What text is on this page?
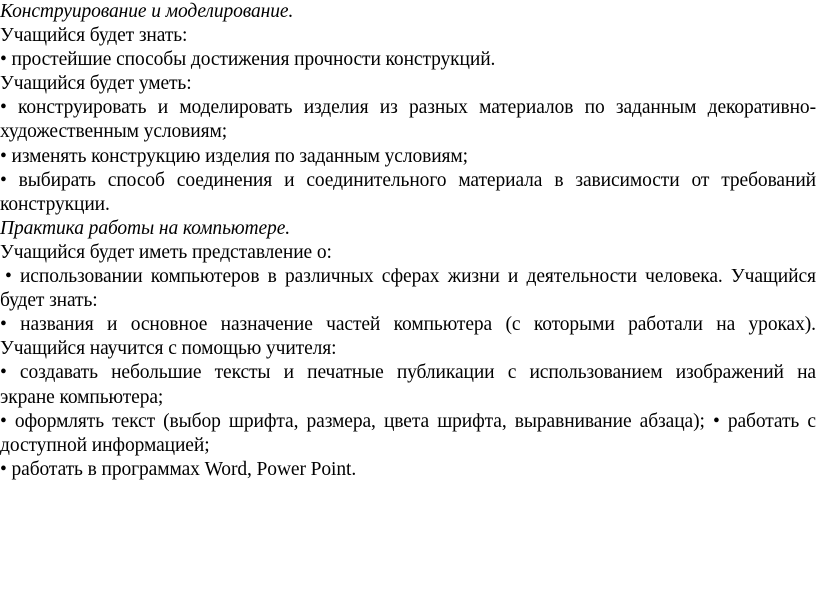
Конструирование и моделирование.
Учащийся будет знать:
• простейшие способы достижения прочности конструкций.
Учащийся будет уметь:
• конструировать и моделировать изделия из разных материалов по заданным декоративно-
художественным условиям;
• изменять конструкцию изделия по заданным условиям;
• выбирать способ соединения и соединительного материала в зависимости от требований
конструкции.
Практика работы на компьютере.
Учащийся будет иметь представление о:
• использовании компьютеров в различных сферах жизни и деятельности человека. Учащийся
будет знать:
• названия и основное назначение частей компьютера (с которыми работали на уроках).
Учащийся научится с помощью учителя:
• создавать небольшие тексты и печатные публикации с использованием изображений на
экране компьютера;
• оформлять текст (выбор шрифта, размера, цвета шрифта, выравнивание абзаца); • работать с
доступной информацией;
• работать в программах Word, Power Point.
